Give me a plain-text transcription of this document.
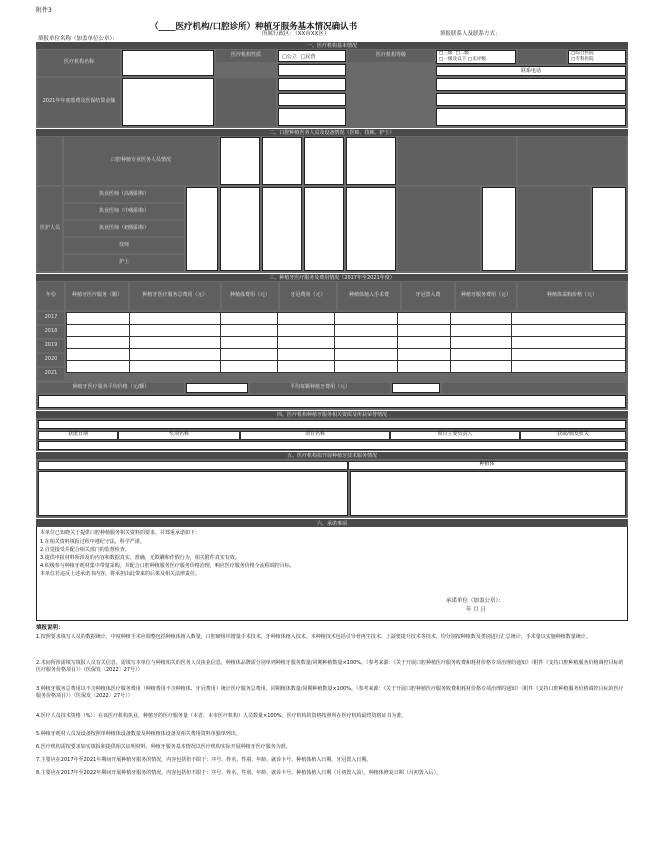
附件3
（____医疗机构/口腔诊所）种植牙服务基本情况确认书
填报单位名称（加盖单位公章）：
所属行政区：（XX市XX区）	填报联系人及联系方式：
一、医疗机构基本情况
医疗机构名称
医疗机构性质	□公立 □民营	医疗机构等级	□三级  □二级
□一级及以下 □未评级
□综合医院
□专科医院
联系电话
2021年年度收费及医保结算金额
二、口腔种植医务人员及设备情况（医师、技师、护士）
口腔种植专业医务人员情况
医护人员
执业医师（高级职称）
执业医师（中级职称）
执业医师（初级职称）
技师
护士
三、种植牙医疗服务及费用情况（2017年至2021年度）
年份	种植牙医疗服务（颗）	种植牙医疗服务总费用（元）	种植体费用（元）	牙冠费用（元）	种植体植入手术费	牙冠置入费	种植牙服务费用（元）	种植体采购价格（元）
2017
2018
2019
2020
2021

种植牙医疗服务平均价格（元/颗）	平均每颗种植牙费用（元）
四、医疗机构种植牙服务相关资质及所获荣誉情况
获批日期	奖项名称	项目名称	项目主要负责人	获取/颁发机关
五、医疗机构拟开展种植牙技术服务情况
种植体
六、承诺事项
本单位已知晓关于提供口腔种植服务相关资料的要求，并郑重承诺如下：
1.在相关资料填报过程中遵纪守法，科学严谨。
2.自觉接受并配合相关部门的监督检查。
3.提供申报材料所涉及的内容和数据真实、准确，无欺瞒和作假行为，相关附件真实有效。
4.积极参与种植牙耗材集中带量采购，并配合口腔种植服务医疗服务价格治理，响应医疗服务价格全流程调控目标。
本单位若违反上述承诺书内容，将承担由此带来的后果及相关法律责任。
承诺单位（加盖公章）：
年 月 日
填报说明：
1.按照要求填写人员的数据统计，中度种植手术应调整包括种植体植入数量，口腔硬组织增量手术技术，牙种植体植入技术。本种植技术包括引导骨再生技术、上颌窦提升技术等技术，均分别按种植数及类别进行汇总统计，手术量以实施种植数量统计。
2.术间所涉需填写填报人员有关信息，需填写本单位与种植相关的医务人员执业信息，种植体品牌需分别单列种植牙服务数量/同期种植数量×100%。（参考来源：《关于开展口腔种植医疗服务收费和耗材价格专项治理的通知》（附件《支持口腔种植服务价格调控目标的医疗服务价格项目》）（医保发〔2022〕27号））
3.种植牙服务总费用以不含种植体医疗服务费用（种植费用不含种植体、牙冠费用）统计医疗服务总费用、同期植体数量/同期种植数量×100%。（参考来源：《关于开展口腔种植医疗服务收费和耗材价格专项治理的通知》（附件《支持口腔种植服务价格调控目标的医疗服务价格项目》）（医保发〔2022〕27号））
4.医疗人员技术资格（%）：在该医疗机构执业，种植牙的医疗服务量（本省、本市医疗机构）人员数量×100%。医疗机构的资格按照所在医疗机构最终资格证书为准。
5.种植牙耗材人员及设备按照单种植体设备数量及种植植体设备及相关费用资料单独单列出。
6.医疗机构需按要求如实填报和提供相关证明材料，种植牙服务基本情况以医疗机构实际开展种植牙医疗服务为准。
7.主要应在2017年至2021年期间开展种植牙服务的情况，内容包括但不限于：序号、姓名、性别、年龄、就诊卡号、种植体植入日期、牙冠置入日期。
8.主要应在2017年至2022年期间开展种植牙服务的情况，内容包括但不限于：序号、姓名、性别、年龄、就诊卡号、种植体植入日期（月初置入前），种植体修复日期（月初置入后）。
